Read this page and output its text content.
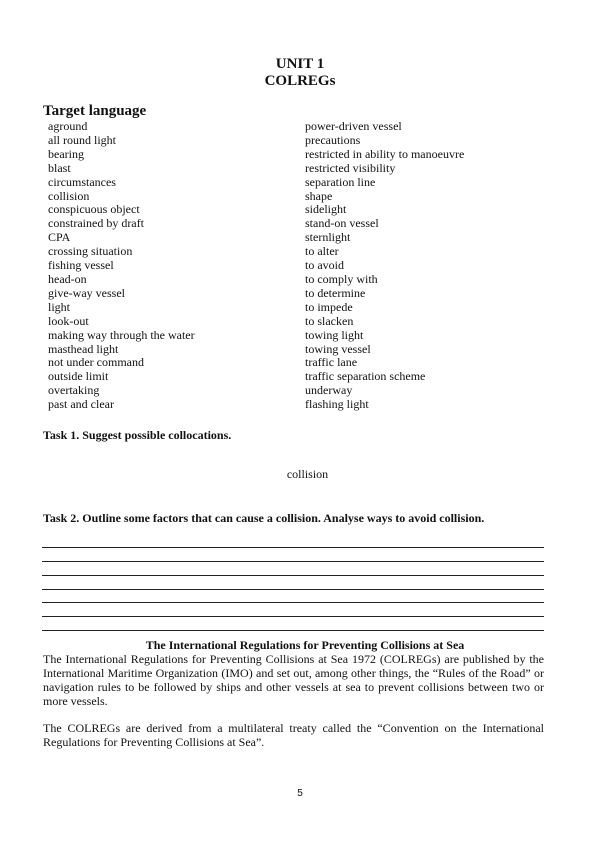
UNIT 1
COLREGs
Target language
aground
all round light
bearing
blast
circumstances
collision
conspicuous object
constrained by draft
CPA
crossing situation
fishing vessel
head-on
give-way vessel
light
look-out
making way through the water
masthead light
not under command
outside limit
overtaking
past and clear
power-driven vessel
precautions
restricted in ability to manoeuvre
restricted visibility
separation line
shape
sidelight
stand-on vessel
sternlight
to alter
to avoid
to comply with
to determine
to impede
to slacken
towing light
towing vessel
traffic lane
traffic separation scheme
underway
flashing light
Task 1. Suggest possible collocations.
collision
Task 2. Outline some factors that can cause a collision. Analyse ways to avoid collision.
The International Regulations for Preventing Collisions at Sea

The International Regulations for Preventing Collisions at Sea 1972 (COLREGs) are published by the International Maritime Organization (IMO) and set out, among other things, the “Rules of the Road” or navigation rules to be followed by ships and other vessels at sea to prevent collisions between two or more vessels.

The COLREGs are derived from a multilateral treaty called the “Convention on the International Regulations for Preventing Collisions at Sea”.

5
